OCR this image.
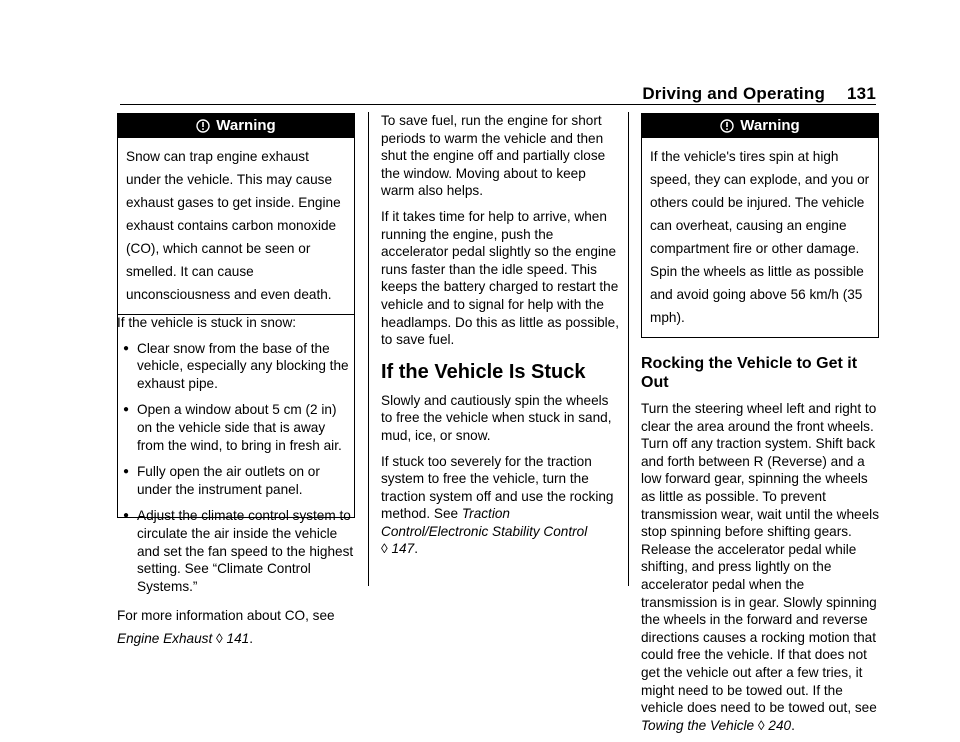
Driving and Operating 131
Warning

Snow can trap engine exhaust under the vehicle. This may cause exhaust gases to get inside. Engine exhaust contains carbon monoxide (CO), which cannot be seen or smelled. It can cause unconsciousness and even death.

If the vehicle is stuck in snow:

● Clear snow from the base of the vehicle, especially any blocking the exhaust pipe.
● Open a window about 5 cm (2 in) on the vehicle side that is away from the wind, to bring in fresh air.
● Fully open the air outlets on or under the instrument panel.
● Adjust the climate control system to circulate the air inside the vehicle and set the fan speed to the highest setting. See “Climate Control Systems.”

For more information about CO, see Engine Exhaust ◊ 141.

To save fuel, run the engine for short periods to warm the vehicle and then shut the engine off and partially close the window. Moving about to keep warm also helps.

If it takes time for help to arrive, when running the engine, push the accelerator pedal slightly so the engine runs faster than the idle speed. This keeps the battery charged to restart the vehicle and to signal for help with the headlamps. Do this as little as possible, to save fuel.

If the Vehicle Is Stuck

Slowly and cautiously spin the wheels to free the vehicle when stuck in sand, mud, ice, or snow.

If stuck too severely for the traction system to free the vehicle, turn the traction system off and use the rocking method. See Traction Control/Electronic Stability Control
◊ 147.

Warning

If the vehicle's tires spin at high speed, they can explode, and you or others could be injured. The vehicle can overheat, causing an engine compartment fire or other damage. Spin the wheels as little as possible and avoid going above 56 km/h (35 mph).

Rocking the Vehicle to Get it Out

Turn the steering wheel left and right to clear the area around the front wheels. Turn off any traction system. Shift back and forth between R (Reverse) and a low forward gear, spinning the wheels as little as possible. To prevent transmission wear, wait until the wheels stop spinning before shifting gears. Release the accelerator pedal while shifting, and press lightly on the accelerator pedal when the transmission is in gear. Slowly spinning the wheels in the forward and reverse directions causes a rocking motion that could free the vehicle. If that does not get the vehicle out after a few tries, it might need to be towed out. If the vehicle does need to be towed out, see Towing the Vehicle ◊ 240.
